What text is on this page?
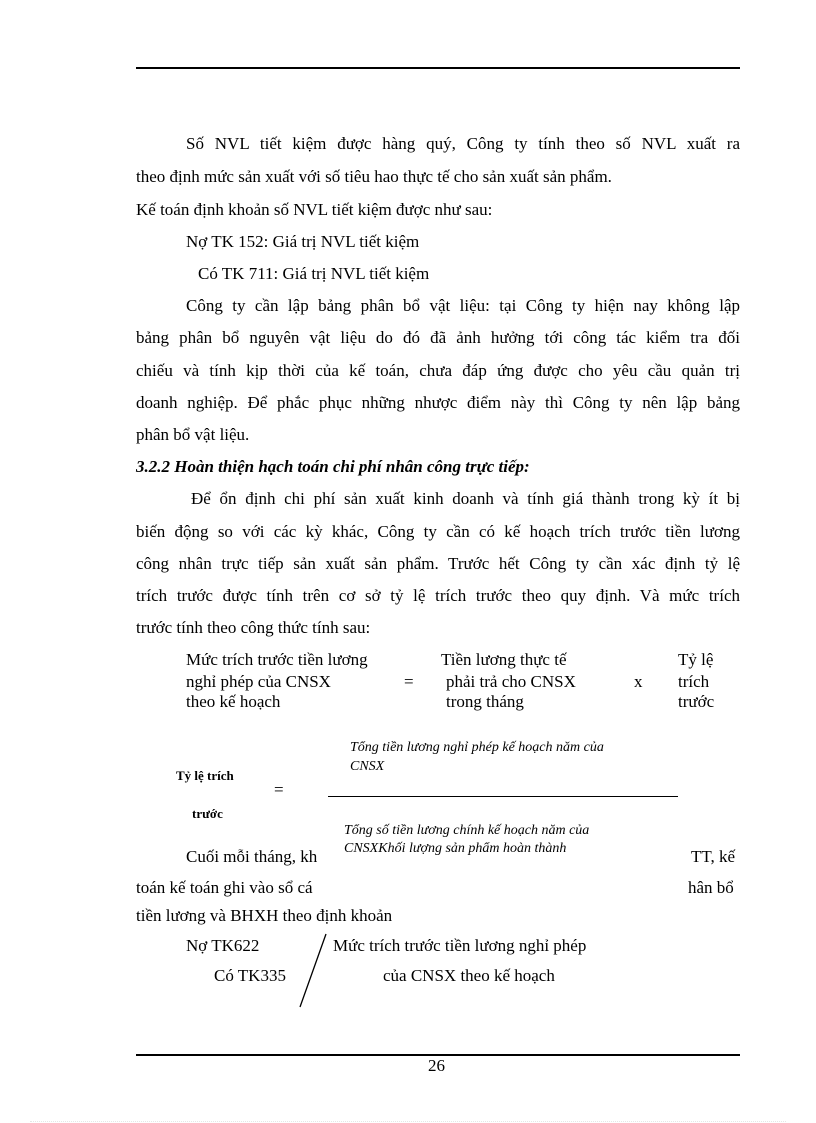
Số NVL tiết kiệm được hàng quý, Công ty tính theo số NVL xuất ra
theo định mức sản xuất với số tiêu hao thực tế cho sản xuất sản phẩm.
Kế toán định khoản số NVL tiết kiệm được như sau:
Nợ TK 152: Giá trị NVL tiết kiệm
Có TK 711: Giá trị NVL tiết kiệm
Công ty cần lập bảng phân bổ vật liệu: tại Công ty hiện nay không lập
bảng phân bổ nguyên vật liệu do đó đã ảnh hưởng tới công tác kiểm tra đối
chiếu và tính kịp thời của kế toán, chưa đáp ứng được cho yêu cầu quản trị
doanh nghiệp. Để phắc phục những nhược điểm này thì Công ty nên lập bảng
phân bổ vật liệu.
3.2.2 Hoàn thiện hạch toán chi phí nhân công trực tiếp:
Để ổn định chi phí sản xuất kinh doanh và tính giá thành trong kỳ ít bị
biến động so với các kỳ khác, Công ty cần có kế hoạch trích trước tiền lương
công nhân trực tiếp sản xuất sản phẩm. Trước hết Công ty cần xác định tỷ lệ
trích trước được tính trên cơ sở tỷ lệ trích trước theo quy định. Và mức trích
trước tính theo công thức tính sau:
Mức trích trước tiền lương
nghỉ phép của CNSX
theo kế hoạch
=
Tiền lương thực tế
phải trả cho CNSX
trong tháng
x
Tỷ lệ
trích
trước
Tổng tiền lương nghỉ phép kế hoạch năm của
CNSX
Tỷ lệ trích
=
trước
Tổng số tiền lương chính kế hoạch năm của
CNSXKhối lượng sản phẩm hoàn thành
Cuối mỗi tháng, kh	TT, kế
toán kế toán ghi vào sổ cá	hân bổ
tiền lương và BHXH theo định khoản
Nợ TK622
Có TK335
Mức trích trước tiền lương nghỉ phép
của CNSX theo kế hoạch
26
